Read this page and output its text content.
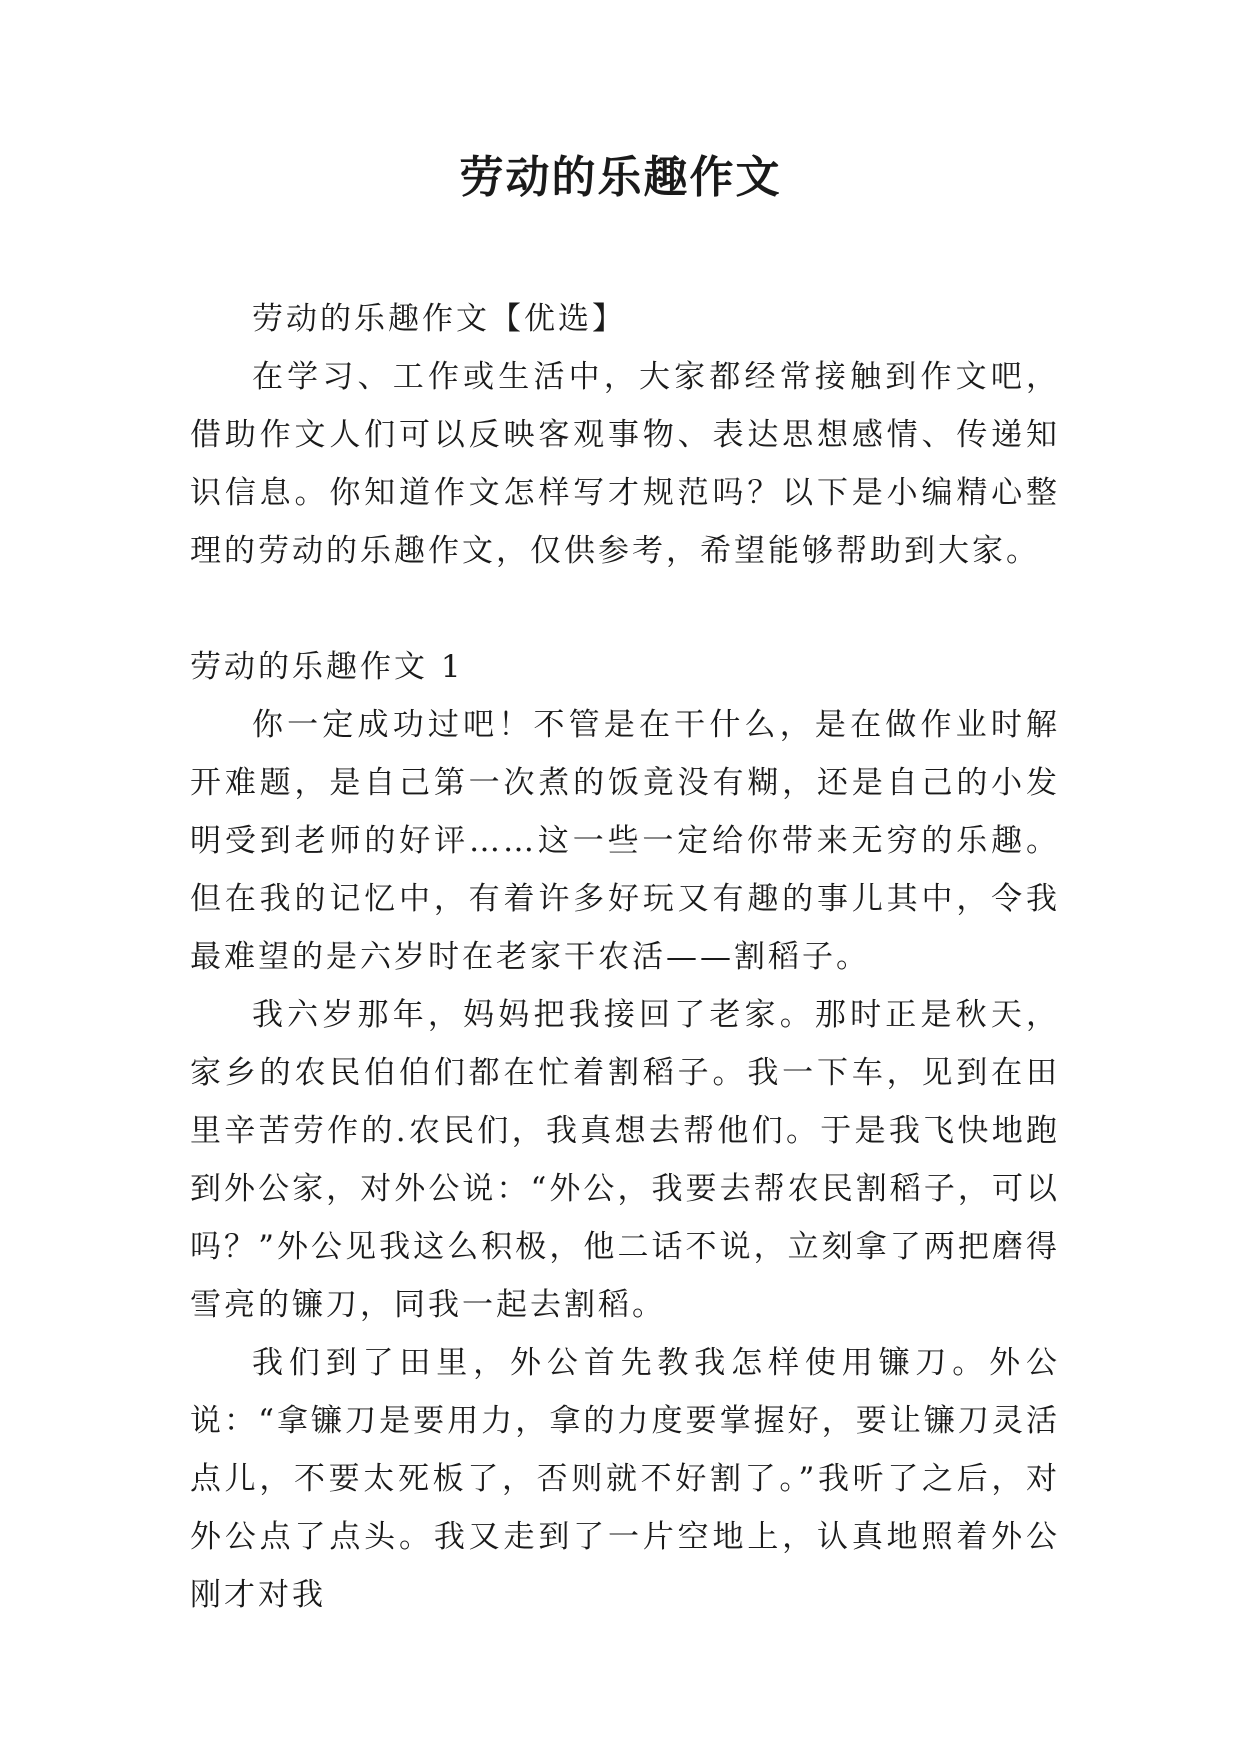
劳动的乐趣作文

劳动的乐趣作文【优选】

在学习、工作或生活中，大家都经常接触到作文吧，借助作文人们可以反映客观事物、表达思想感情、传递知识信息。你知道作文怎样写才规范吗？以下是小编精心整理的劳动的乐趣作文，仅供参考，希望能够帮助到大家。

劳动的乐趣作文 1

你一定成功过吧！不管是在干什么，是在做作业时解开难题，是自己第一次煮的饭竟没有糊，还是自己的小发明受到老师的好评……这一些一定给你带来无穷的乐趣。但在我的记忆中，有着许多好玩又有趣的事儿其中，令我最难望的是六岁时在老家干农活——割稻子。

我六岁那年，妈妈把我接回了老家。那时正是秋天，家乡的农民伯伯们都在忙着割稻子。我一下车，见到在田里辛苦劳作的.农民们，我真想去帮他们。于是我飞快地跑到外公家，对外公说：“外公，我要去帮农民割稻子，可以吗？”外公见我这么积极，他二话不说，立刻拿了两把磨得雪亮的镰刀，同我一起去割稻。

我们到了田里，外公首先教我怎样使用镰刀。外公说：“拿镰刀是要用力，拿的力度要掌握好，要让镰刀灵活点儿，不要太死板了，否则就不好割了。”我听了之后，对外公点了点头。我又走到了一片空地上，认真地照着外公刚才对我
